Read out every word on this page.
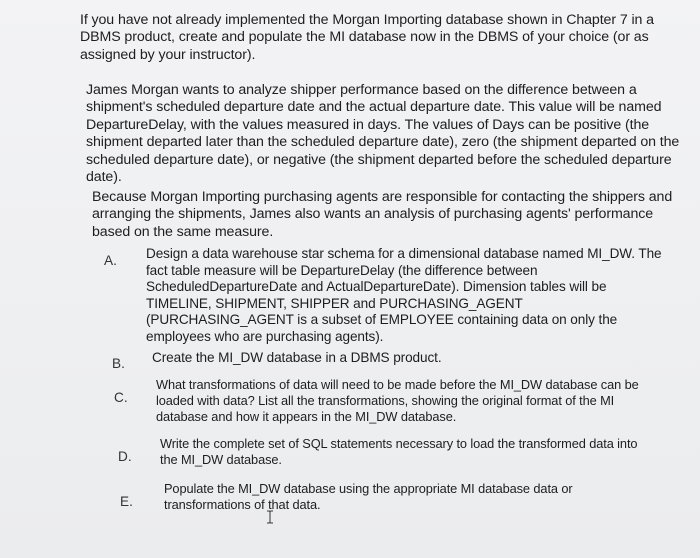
If you have not already implemented the Morgan Importing database shown in Chapter 7 in a
DBMS product, create and populate the MI database now in the DBMS of your choice (or as
assigned by your instructor).
James Morgan wants to analyze shipper performance based on the difference between a
shipment's scheduled departure date and the actual departure date. This value will be named
DepartureDelay, with the values measured in days. The values of Days can be positive (the
shipment departed later than the scheduled departure date), zero (the shipment departed on the
scheduled departure date), or negative (the shipment departed before the scheduled departure
date).
Because Morgan Importing purchasing agents are responsible for contacting the shippers and
arranging the shipments, James also wants an analysis of purchasing agents' performance
based on the same measure.
A. Design a data warehouse star schema for a dimensional database named MI_DW. The
fact table measure will be DepartureDelay (the difference between
ScheduledDepartureDate and ActualDepartureDate). Dimension tables will be
TIMELINE, SHIPMENT, SHIPPER and PURCHASING_AGENT
(PURCHASING_AGENT is a subset of EMPLOYEE containing data on only the
employees who are purchasing agents).
B. Create the MI_DW database in a DBMS product.
C.
What transformations of data will need to be made before the MI_DW database can be
loaded with data? List all the transformations, showing the original format of the MI
database and how it appears in the MI_DW database.
D.
Write the complete set of SQL statements necessary to load the transformed data into
the MI_DW database.
E.
Populate the MI_DW database using the appropriate MI database data or
transformations of that data.
